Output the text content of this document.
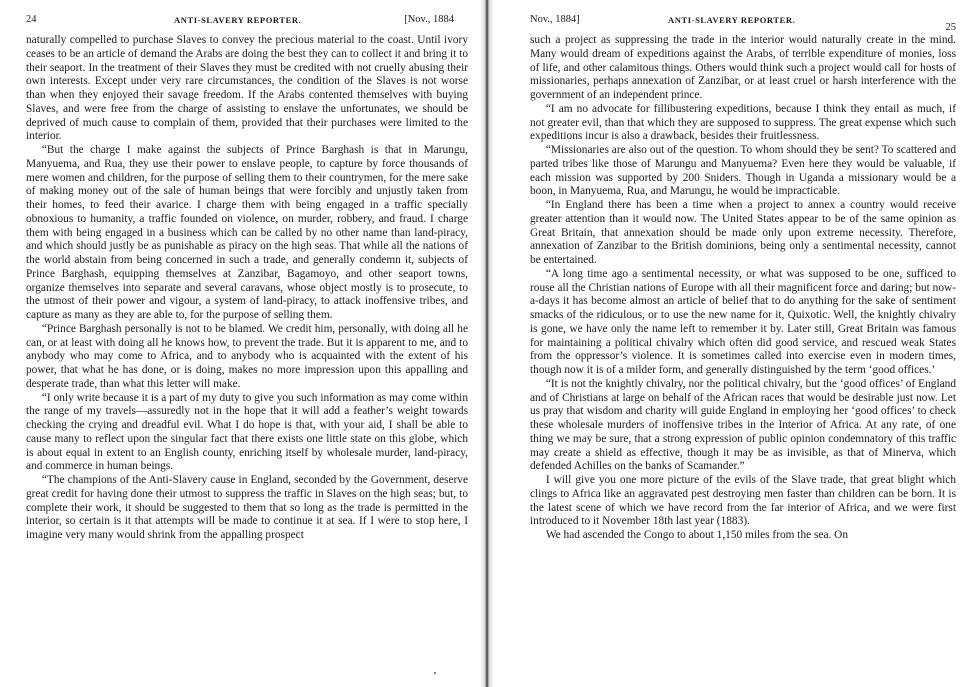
24	ANTI-SLAVERY REPORTER.	[Nov., 1884

naturally compelled to purchase Slaves to convey the precious material to the coast. Until ivory ceases to be an article of demand the Arabs are doing the best they can to collect it and bring it to their seaport. In the treatment of their Slaves they must be credited with not cruelly abusing their own interests. Except under very rare circumstances, the condition of the Slaves is not worse than when they enjoyed their savage freedom. If the Arabs contented themselves with buying Slaves, and were free from the charge of assisting to enslave the unfortunates, we should be deprived of much cause to complain of them, provided that their purchases were limited to the interior.

“But the charge I make against the subjects of Prince Barghash is that in Marungu, Manyuema, and Rua, they use their power to enslave people, to capture by force thousands of mere women and children, for the purpose of selling them to their countrymen, for the mere sake of making money out of the sale of human beings that were forcibly and unjustly taken from their homes, to feed their avarice. I charge them with being engaged in a traffic specially obnoxious to humanity, a traffic founded on violence, on murder, robbery, and fraud. I charge them with being engaged in a business which can be called by no other name than land-piracy, and which should justly be as punishable as piracy on the high seas. That while all the nations of the world abstain from being concerned in such a trade, and generally condemn it, subjects of Prince Barghash, equipping themselves at Zanzibar, Bagamoyo, and other seaport towns, organize themselves into separate and several caravans, whose object mostly is to prosecute, to the utmost of their power and vigour, a system of land-piracy, to attack inoffensive tribes, and capture as many as they are able to, for the purpose of selling them.

“Prince Barghash personally is not to be blamed. We credit him, personally, with doing all he can, or at least with doing all he knows how, to prevent the trade. But it is apparent to me, and to anybody who may come to Africa, and to anybody who is acquainted with the extent of his power, that what he has done, or is doing, makes no more impression upon this appalling and desperate trade, than what this letter will make.

“I only write because it is a part of my duty to give you such information as may come within the range of my travels—assuredly not in the hope that it will add a feather’s weight towards checking the crying and dreadful evil. What I do hope is that, with your aid, I shall be able to cause many to reflect upon the singular fact that there exists one little state on this globe, which is about equal in extent to an English county, enriching itself by wholesale murder, land-piracy, and commerce in human beings.

“The champions of the Anti-Slavery cause in England, seconded by the Government, deserve great credit for having done their utmost to suppress the traffic in Slaves on the high seas; but, to complete their work, it should be suggested to them that so long as the trade is permitted in the interior, so certain is it that attempts will be made to continue it at sea. If I were to stop here, I imagine very many would shrink from the appalling prospect

Nov., 1884]	ANTI-SLAVERY REPORTER.
25

such a project as suppressing the trade in the interior would naturally create in the mind. Many would dream of expeditions against the Arabs, of terrible expenditure of monies, loss of life, and other calamitous things. Others would think such a project would call for hosts of missionaries, perhaps annexation of Zanzibar, or at least cruel or harsh interference with the government of an independent prince.

“I am no advocate for fillibustering expeditions, because I think they entail as much, if not greater evil, than that which they are supposed to suppress. The great expense which such expeditions incur is also a drawback, besides their fruitlessness.

“Missionaries are also out of the question. To whom should they be sent? To scattered and parted tribes like those of Marungu and Manyuema? Even here they would be valuable, if each mission was supported by 200 Sniders. Though in Uganda a missionary would be a boon, in Manyuema, Rua, and Marungu, he would be impracticable.

“In England there has been a time when a project to annex a country would receive greater attention than it would now. The United States appear to be of the same opinion as Great Britain, that annexation should be made only upon extreme necessity. Therefore, annexation of Zanzibar to the British dominions, being only a sentimental necessity, cannot be entertained.

“A long time ago a sentimental necessity, or what was supposed to be one, sufficed to rouse all the Christian nations of Europe with all their magnificent force and daring; but now-a-days it has become almost an article of belief that to do anything for the sake of sentiment smacks of the ridiculous, or to use the new name for it, Quixotic. Well, the knightly chivalry is gone, we have only the name left to remember it by. Later still, Great Britain was famous for maintaining a political chivalry which often did good service, and rescued weak States from the oppressor’s violence. It is sometimes called into exercise even in modern times, though now it is of a milder form, and generally distinguished by the term ‘good offices.’

“It is not the knightly chivalry, nor the political chivalry, but the ‘good offices’ of England and of Christians at large on behalf of the African races that would be desirable just now. Let us pray that wisdom and charity will guide England in employing her ‘good offices’ to check these wholesale murders of inoffensive tribes in the Interior of Africa. At any rate, of one thing we may be sure, that a strong expression of public opinion condemnatory of this traffic may create a shield as effective, though it may be as invisible, as that of Minerva, which defended Achilles on the banks of Scamander.”

I will give you one more picture of the evils of the Slave trade, that great blight which clings to Africa like an aggravated pest destroying men faster than children can be born. It is the latest scene of which we have record from the far interior of Africa, and we were first introduced to it November 18th last year (1883).

We had ascended the Congo to about 1,150 miles from the sea. On
